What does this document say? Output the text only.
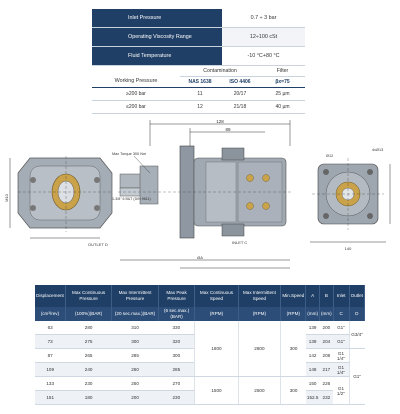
Inlet Pressure	0.7 ÷ 3 bar
Operating Viscosity Range	12÷100 cSt
Fluid Temperature	-10 °C+80 °C
Working Pressure
Contamination
NAS 1638	ISO 4406
Filter
βx=75
≥200 bar	11	20/17	25 µm
≤200 bar	12	21/18	40 µm
128
89
M10
OUTLET D
Max Torque 300 Nm
1-3/8" 6 B&T (DIN 9611)
INLET C
ØA
140
4xØ13
Ø12
Displacement	Max Continuous Pressure	Max Intermittent Pressure	Max Peak Pressure	Max Continuous Speed	Max Intermittent Speed	Min.Speed	A	B	Inlet	Outlet
(cm³/rev)	(100%)(BAR)	(20 sec.max.)(BAR)	(6 sec.max.)(BAR)	(RPM)	(RPM)	(RPM)	(mm)	(mm)	C	D
63	280	310	330	1800	2800	300	139	200	G1"	G3/4"
73	275	300	320				139	204	G1"	
87	265	285	300				142	208	G1 1/4"	G1"
109	240	260	285				148	217	G1 1/4"	
133	230	250	270	1500	2500	300	150	226	G1 1/2"	
151	180	200	230				152.5	232		
